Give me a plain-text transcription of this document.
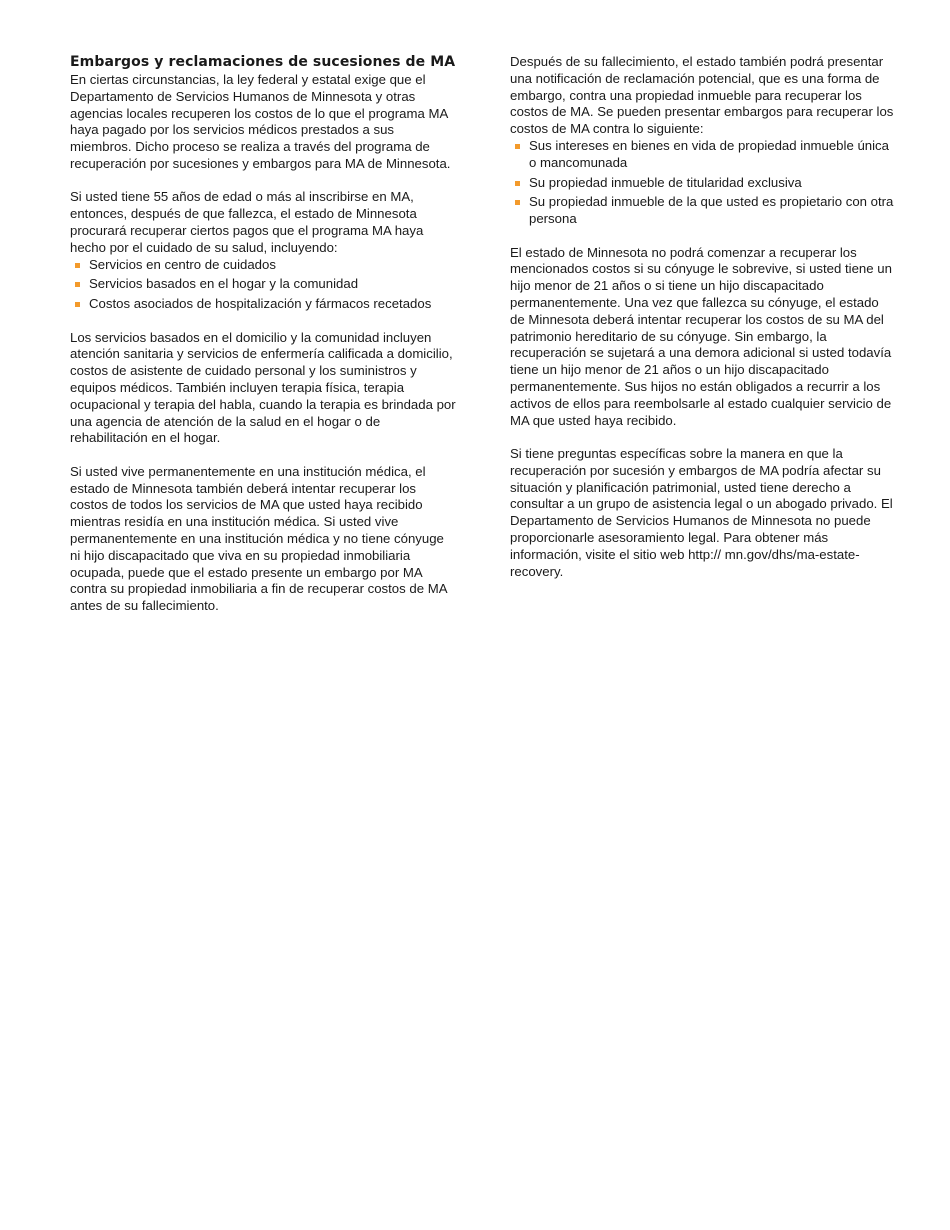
Embargos y reclamaciones de sucesiones de MA

En ciertas circunstancias, la ley federal y estatal exige que el Departamento de Servicios Humanos de Minnesota y otras agencias locales recuperen los costos de lo que el programa MA haya pagado por los servicios médicos prestados a sus miembros. Dicho proceso se realiza a través del programa de recuperación por sucesiones y embargos para MA de Minnesota.

Si usted tiene 55 años de edad o más al inscribirse en MA, entonces, después de que fallezca, el estado de Minnesota procurará recuperar ciertos pagos que el programa MA haya hecho por el cuidado de su salud, incluyendo:

Servicios en centro de cuidados
Servicios basados en el hogar y la comunidad
Costos asociados de hospitalización y fármacos recetados

Los servicios basados en el domicilio y la comunidad incluyen atención sanitaria y servicios de enfermería calificada a domicilio, costos de asistente de cuidado personal y los suministros y equipos médicos. También incluyen terapia física, terapia ocupacional y terapia del habla, cuando la terapia es brindada por una agencia de atención de la salud en el hogar o de rehabilitación en el hogar.

Si usted vive permanentemente en una institución médica, el estado de Minnesota también deberá intentar recuperar los costos de todos los servicios de MA que usted haya recibido mientras residía en una institución médica. Si usted vive permanentemente en una institución médica y no tiene cónyuge ni hijo discapacitado que viva en su propiedad inmobiliaria ocupada, puede que el estado presente un embargo por MA contra su propiedad inmobiliaria a fin de recuperar costos de MA antes de su fallecimiento.

Después de su fallecimiento, el estado también podrá presentar una notificación de reclamación potencial, que es una forma de embargo, contra una propiedad inmueble para recuperar los costos de MA. Se pueden presentar embargos para recuperar los costos de MA contra lo siguiente:

Sus intereses en bienes en vida de propiedad inmueble única o mancomunada
Su propiedad inmueble de titularidad exclusiva
Su propiedad inmueble de la que usted es propietario con otra persona

El estado de Minnesota no podrá comenzar a recuperar los mencionados costos si su cónyuge le sobrevive, si usted tiene un hijo menor de 21 años o si tiene un hijo discapacitado permanentemente. Una vez que fallezca su cónyuge, el estado de Minnesota deberá intentar recuperar los costos de su MA del patrimonio hereditario de su cónyuge. Sin embargo, la recuperación se sujetará a una demora adicional si usted todavía tiene un hijo menor de 21 años o un hijo discapacitado permanentemente. Sus hijos no están obligados a recurrir a los activos de ellos para reembolsarle al estado cualquier servicio de MA que usted haya recibido.

Si tiene preguntas específicas sobre la manera en que la recuperación por sucesión y embargos de MA podría afectar su situación y planificación patrimonial, usted tiene derecho a consultar a un grupo de asistencia legal o un abogado privado. El Departamento de Servicios Humanos de Minnesota no puede proporcionarle asesoramiento legal. Para obtener más información, visite el sitio web http:// mn.gov/dhs/ma-estate-recovery.
